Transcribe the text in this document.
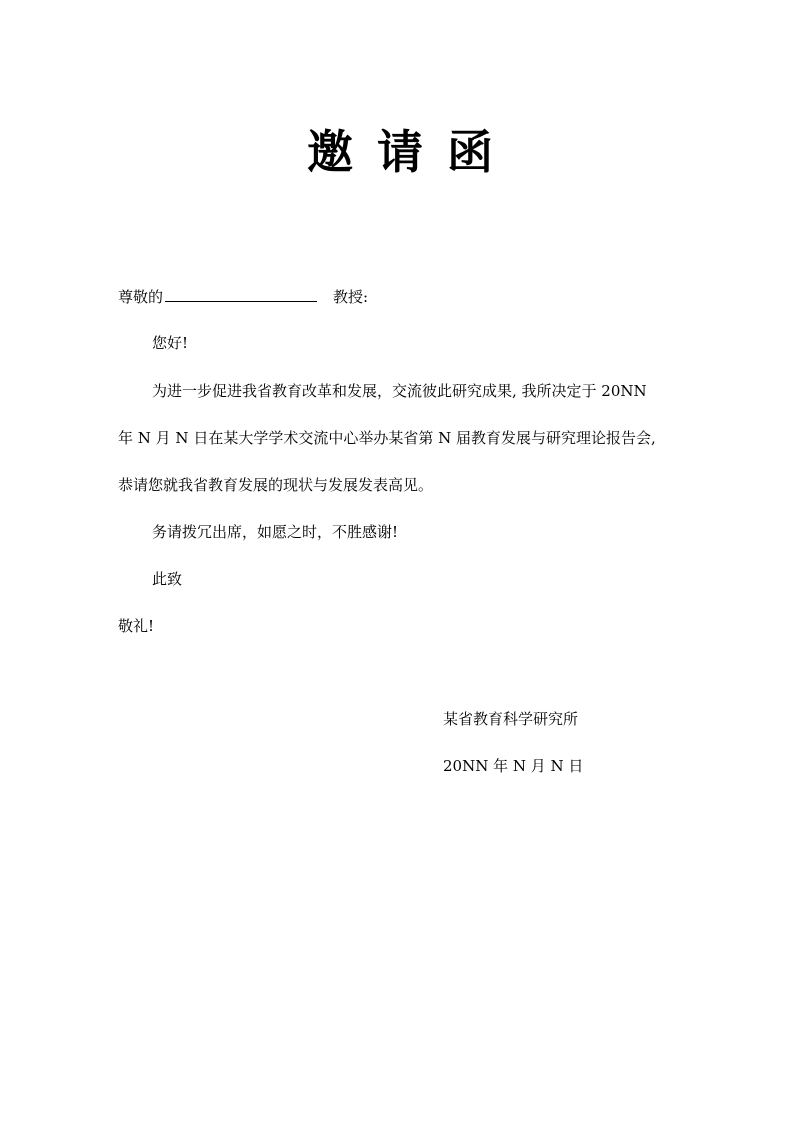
邀请函
尊敬的	教授:
您好!
为进一步促进我省教育改革和发展，交流彼此研究成果, 我所决定于 20NN
年 N 月 N 日在某大学学术交流中心举办某省第 N 届教育发展与研究理论报告会,
恭请您就我省教育发展的现状与发展发表高见。
务请拨冗出席，如愿之时，不胜感谢!
此致
敬礼!
某省教育科学研究所
20NN 年 N 月 N 日
